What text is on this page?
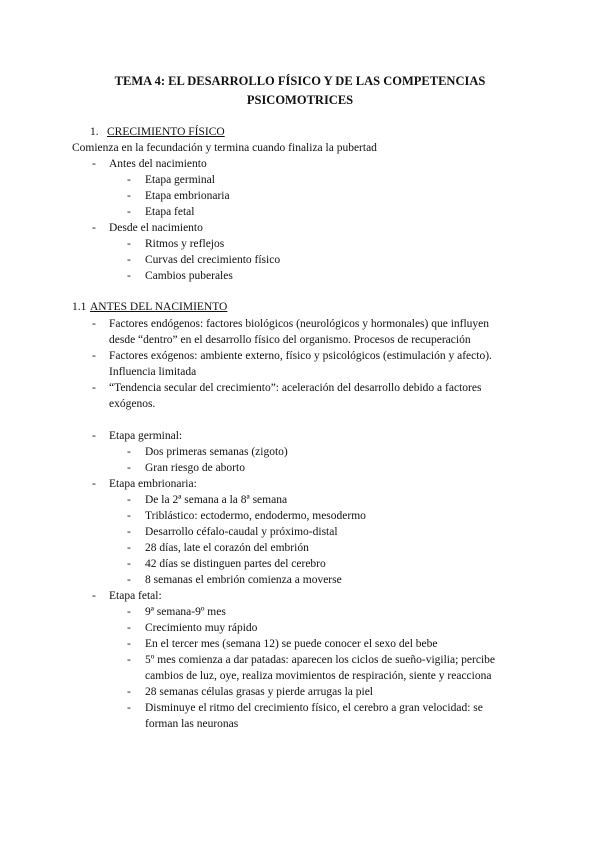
TEMA 4: EL DESARROLLO FÍSICO Y DE LAS COMPETENCIAS
PSICOMOTRICES
1. CRECIMIENTO FÍSICO
Comienza en la fecundación y termina cuando finaliza la pubertad
1.1 ANTES DEL NACIMIENTO
- Antes del nacimiento
- Etapa germinal
- Etapa embrionaria
- Etapa fetal
- Desde el nacimiento
- Ritmos y reflejos
- Curvas del crecimiento físico
- Cambios puberales
- Factores endógenos: factores biológicos (neurológicos y hormonales) que influyen
desde “dentro” en el desarrollo físico del organismo. Procesos de recuperación
- Factores exógenos: ambiente externo, físico y psicológicos (estimulación y afecto).
Influencia limitada
- “Tendencia secular del crecimiento”: aceleración del desarrollo debido a factores
exógenos.
- Etapa germinal:
- Dos primeras semanas (zigoto)
- Gran riesgo de aborto
- Etapa embrionaria:
- De la 2ª semana a la 8ª semana
- Triblástico: ectodermo, endodermo, mesodermo
- Desarrollo céfalo-caudal y próximo-distal
- 28 días, late el corazón del embrión
- 42 días se distinguen partes del cerebro
- 8 semanas el embrión comienza a moverse
- Etapa fetal:
- 9ª semana-9º mes
- Crecimiento muy rápido
- En el tercer mes (semana 12) se puede conocer el sexo del bebe
- 5º mes comienza a dar patadas: aparecen los ciclos de sueño-vigilia; percibe
cambios de luz, oye, realiza movimientos de respiración, siente y reacciona
- 28 semanas células grasas y pierde arrugas la piel
- Disminuye el ritmo del crecimiento físico, el cerebro a gran velocidad: se
forman las neuronas
